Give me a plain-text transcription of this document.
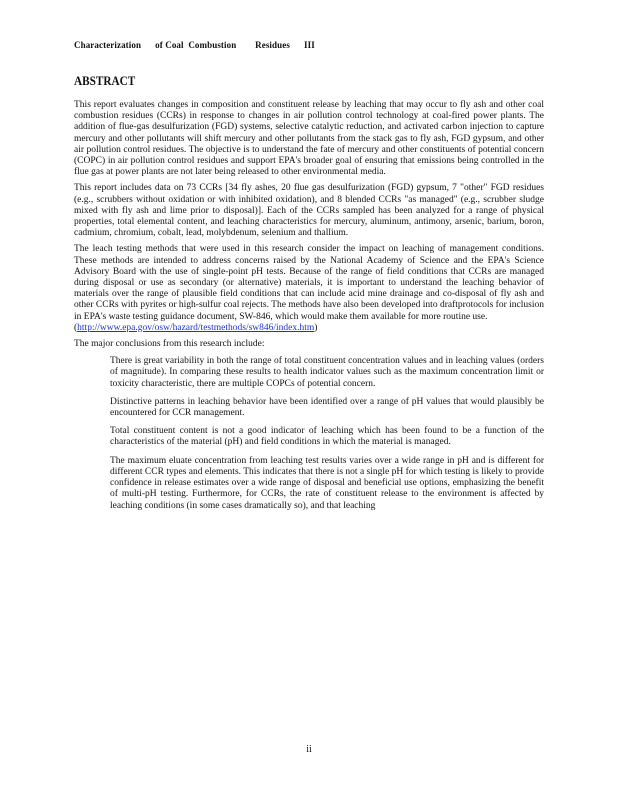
Characterization      of Coal  Combustion        Residues      III
ABSTRACT

This report evaluates changes in composition and constituent release by leaching that may occur to fly ash and other coal combustion residues (CCRs) in response to changes in air pollution control technology at coal-fired power plants. The addition of flue-gas desulfurization (FGD) systems, selective catalytic reduction, and activated carbon injection to capture mercury and other pollutants will shift mercury and other pollutants from the stack gas to fly ash, FGD gypsum, and other air pollution control residues. The objective is to understand the fate of mercury and other constituents of potential concern (COPC) in air pollution control residues and support EPA's broader goal of ensuring that emissions being controlled in the flue gas at power plants are not later being released to other environmental media.

This report includes data on 73 CCRs [34 fly ashes, 20 flue gas desulfurization (FGD) gypsum, 7 "other" FGD residues (e.g., scrubbers without oxidation or with inhibited oxidation), and 8 blended CCRs "as managed" (e.g., scrubber sludge mixed with fly ash and lime prior to disposal)]. Each of the CCRs sampled has been analyzed for a range of physical properties, total elemental content, and leaching characteristics for mercury, aluminum, antimony, arsenic, barium, boron, cadmium, chromium, cobalt, lead, molybdenum, selenium and thallium.

The leach testing methods that were used in this research consider the impact on leaching of management conditions. These methods are intended to address concerns raised by the National Academy of Science and the EPA's Science Advisory Board with the use of single-point pH tests. Because of the range of field conditions that CCRs are managed during disposal or use as secondary (or alternative) materials, it is important to understand the leaching behavior of materials over the range of plausible field conditions that can include acid mine drainage and co-disposal of fly ash and other CCRs with pyrites or high-sulfur coal rejects. The methods have also been developed into draftprotocols for inclusion in EPA's waste testing guidance document, SW-846, which would make them available for more routine use.

(http://www.epa.gov/osw/hazard/testmethods/sw846/index.htm)

The major conclusions from this research include:

There is great variability in both the range of total constituent concentration values and in leaching values (orders of magnitude). In comparing these results to health indicator values such as the maximum concentration limit or toxicity characteristic, there are multiple COPCs of potential concern.
Distinctive patterns in leaching behavior have been identified over a range of pH values that would plausibly be encountered for CCR management.
Total constituent content is not a good indicator of leaching which has been found to be a function of the characteristics of the material (pH) and field conditions in which the material is managed.
The maximum eluate concentration from leaching test results varies over a wide range in pH and is different for different CCR types and elements. This indicates that there is not a single pH for which testing is likely to provide confidence in release estimates over a wide range of disposal and beneficial use options, emphasizing the benefit of multi-pH testing. Furthermore, for CCRs, the rate of constituent release to the environment is affected by leaching conditions (in some cases dramatically so), and that leaching
ii
